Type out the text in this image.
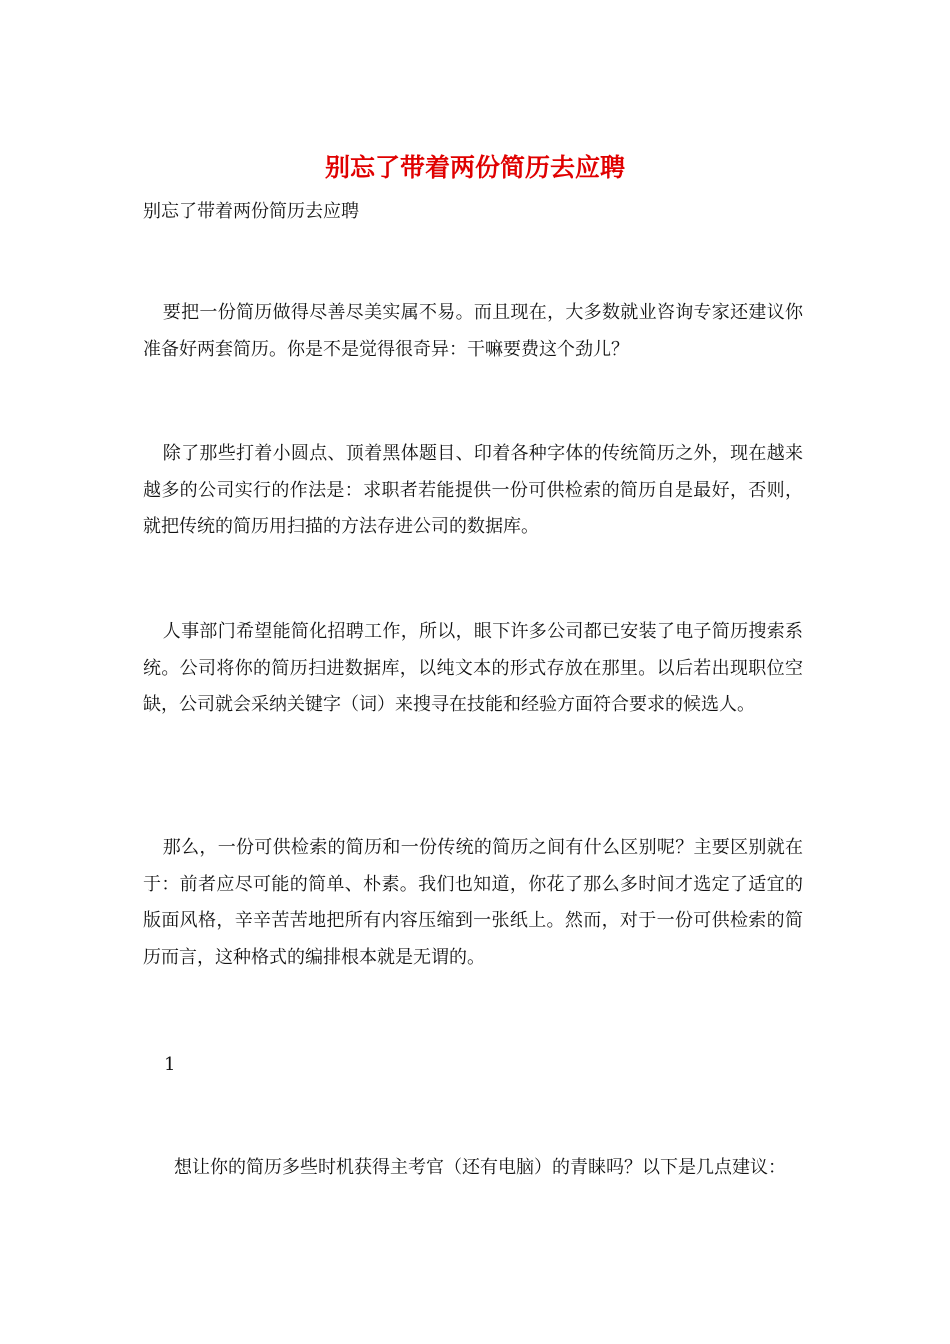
别忘了带着两份简历去应聘
别忘了带着两份简历去应聘

要把一份简历做得尽善尽美实属不易。而且现在，大多数就业咨询专家还建议你准备好两套简历。你是不是觉得很奇异：干嘛要费这个劲儿？

除了那些打着小圆点、顶着黑体题目、印着各种字体的传统简历之外，现在越来越多的公司实行的作法是：求职者若能提供一份可供检索的简历自是最好，否则，就把传统的简历用扫描的方法存进公司的数据库。

人事部门希望能简化招聘工作，所以，眼下许多公司都已安装了电子简历搜索系统。公司将你的简历扫进数据库，以纯文本的形式存放在那里。以后若出现职位空缺，公司就会采纳关键字（词）来搜寻在技能和经验方面符合要求的候选人。

那么，一份可供检索的简历和一份传统的简历之间有什么区别呢？主要区别就在于：前者应尽可能的简单、朴素。我们也知道，你花了那么多时间才选定了适宜的版面风格，辛辛苦苦地把所有内容压缩到一张纸上。然而，对于一份可供检索的简历而言，这种格式的编排根本就是无谓的。

1

想让你的简历多些时机获得主考官（还有电脑）的青睐吗？以下是几点建议：
